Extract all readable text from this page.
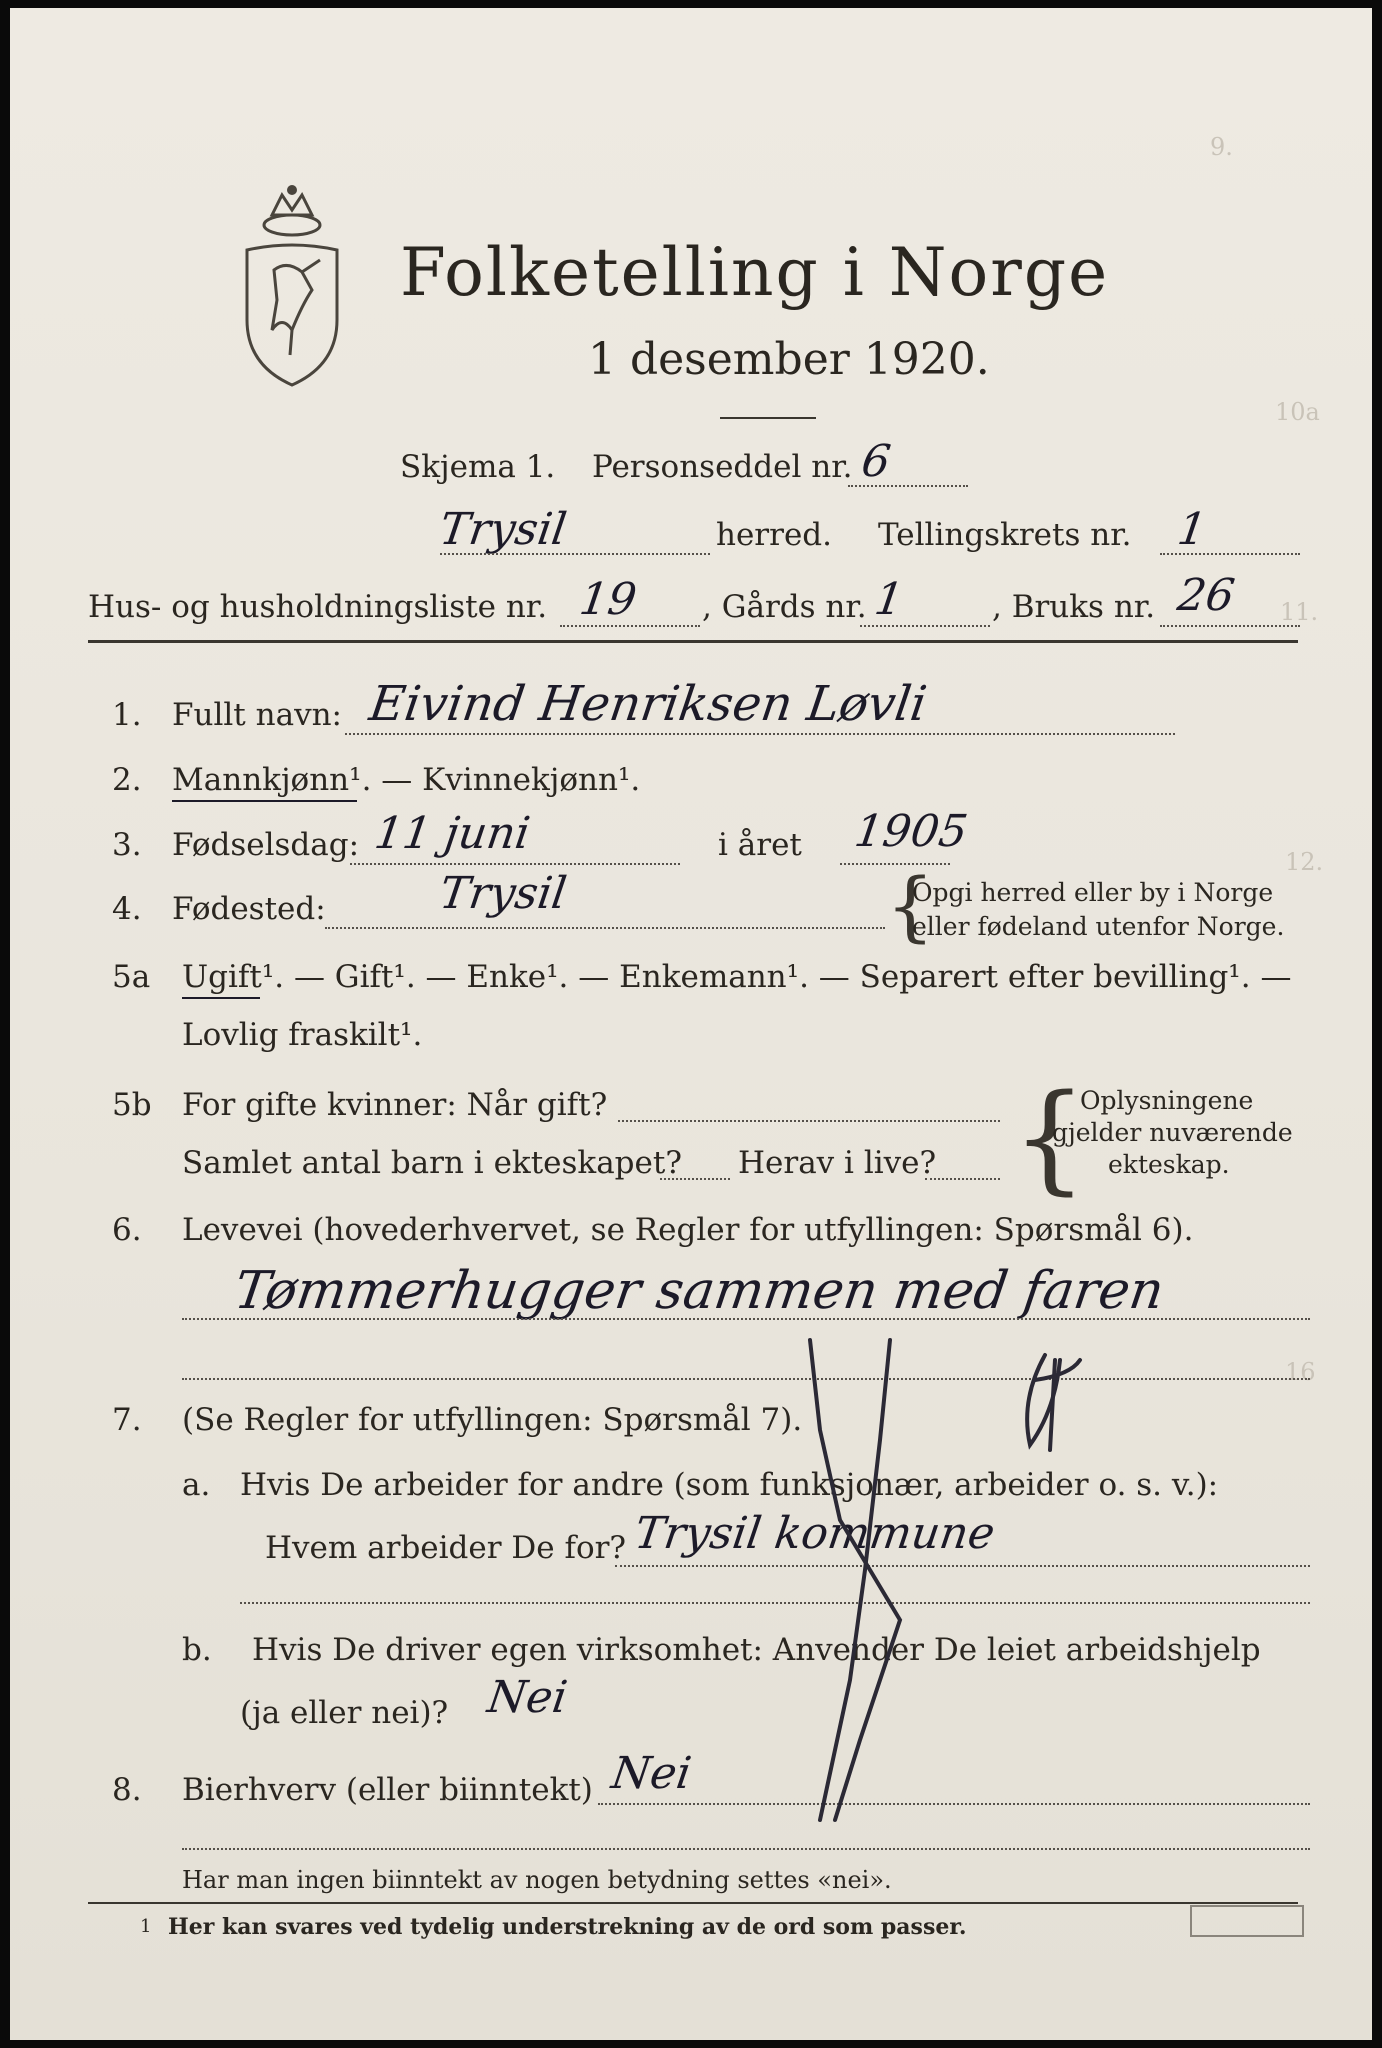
9.
10a
11.
12.
16
Folketelling i Norge
1 desember 1920.
Skjema 1. Personseddel nr. 6
Trysil	herred. Tellingskrets nr. 1
Hus- og husholdningsliste nr. 19 , Gårds nr. 1	, Bruks nr. 26
1. Fullt navn: Eivind Henriksen Løvli
2. Mannkjønn¹. — Kvinnekjønn¹.
3. Fødselsdag: 11 juni	i året 1905
4. Fødested:	Trysil	{
Opgi herred eller by i Norge
eller fødeland utenfor Norge.
5a Ugift¹. — Gift¹. — Enke¹. — Enkemann¹. — Separert efter bevilling¹. —
Lovlig fraskilt¹.
5b For gifte kvinner: Når gift?
Samlet antal barn i ekteskapet? Herav i live? {
Oplysningene
gjelder nuværende
ekteskap.
6. Levevei (hovederhvervet, se Regler for utfyllingen: Spørsmål 6).
Tømmerhugger sammen med faren
7. (Se Regler for utfyllingen: Spørsmål 7).
a. Hvis De arbeider for andre (som funksjonær, arbeider o. s. v.):
Hvem arbeider De for? Trysil kommune
b. Hvis De driver egen virksomhet: Anvender De leiet arbeidshjelp
(ja eller nei)? Nei
8. Bierhverv (eller biinntekt) Nei
Har man ingen biinntekt av nogen betydning settes «nei».
1 Her kan svares ved tydelig understrekning av de ord som passer.
